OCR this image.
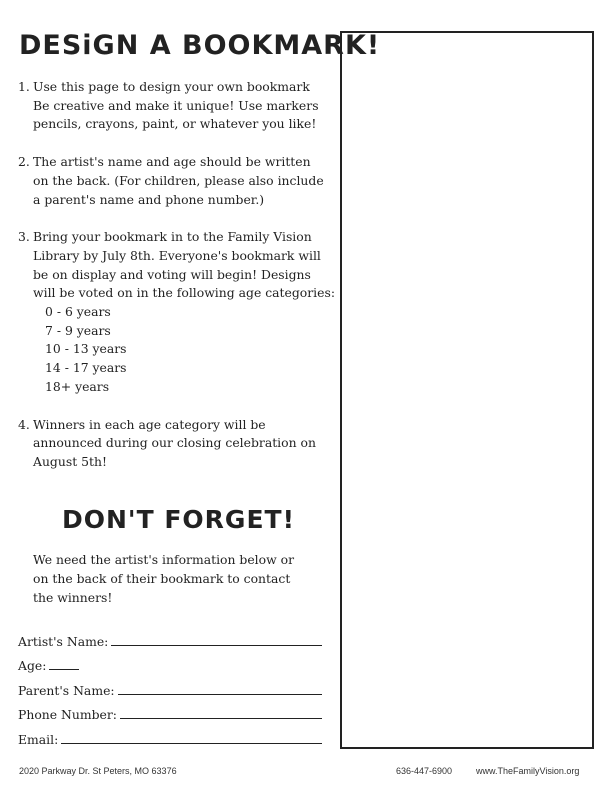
DESiGN A BOOKMARK!
1. Use this page to design your own bookmark
Be creative and make it unique! Use markers
pencils, crayons, paint, or whatever you like!
2. The artist's name and age should be written
on the back. (For children, please also include
a parent's name and phone number.)
3. Bring your bookmark in to the Family Vision
Library by July 8th. Everyone's bookmark will
be on display and voting will begin! Designs
will be voted on in the following age categories:
0 - 6 years
7 - 9 years
10 - 13 years
14 - 17 years
18+ years
4. Winners in each age category will be
announced during our closing celebration on
August 5th!
DON'T FORGET!
We need the artist's information below or
on the back of their bookmark to contact
the winners!
Artist's Name:
Age:
Parent's Name:
Phone Number:
Email:
2020 Parkway Dr. St Peters, MO 63376	636-447-6900	www.TheFamilyVision.org
